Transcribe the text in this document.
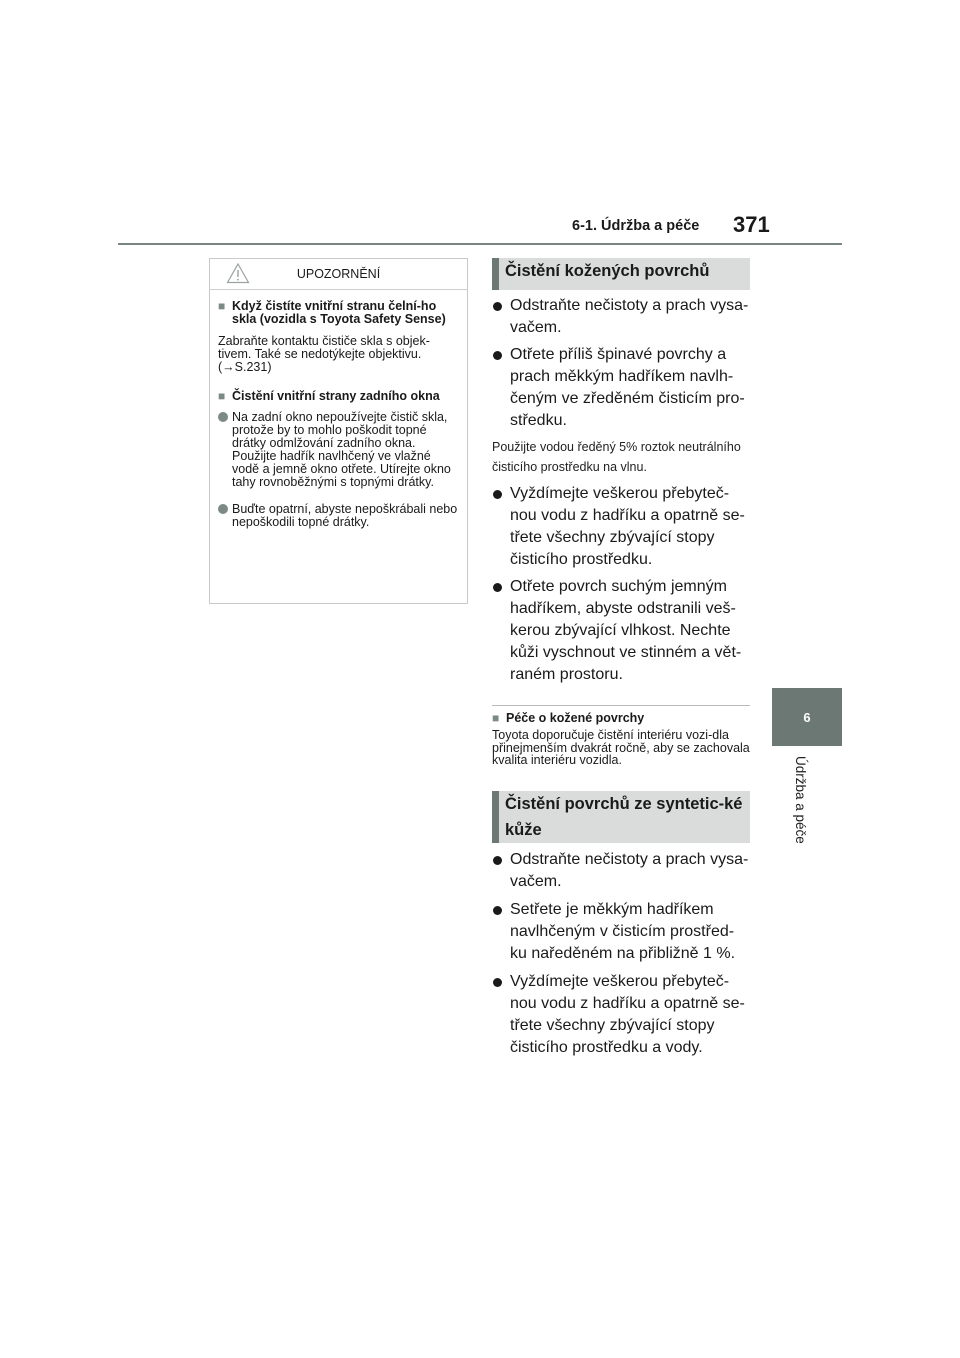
6-1. Údržba a péče 371
6
Údržba a péče
UPOZORNĚNÍ
■ Když čistíte vnitřní stranu čelní-ho skla (vozidla s Toyota Safety Sense)
Zabraňte kontaktu čističe skla s objek-tivem. Také se nedotýkejte objektivu. (→S.231)
■ Čistění vnitřní strany zadního okna
Na zadní okno nepoužívejte čistič skla, protože by to mohlo poškodit topné drátky odmlžování zadního okna. Použijte hadřík navlhčený ve vlažné vodě a jemně okno otřete. Utírejte okno tahy rovnoběžnými s topnými drátky.
Buďte opatrní, abyste nepoškrábali nebo nepoškodili topné drátky.
Čistění kožených povrchů
Odstraňte nečistoty a prach vysa-vačem.
Otřete příliš špinavé povrchy a prach měkkým hadříkem navlh-čeným ve zředěném čisticím pro-středku.
Použijte vodou ředěný 5% roztok neutrálního čisticího prostředku na vlnu.
Vyždímejte veškerou přebyteč-nou vodu z hadříku a opatrně se-třete všechny zbývající stopy čisticího prostředku.
Otřete povrch suchým jemným hadříkem, abyste odstranili veš-kerou zbývající vlhkost. Nechte kůži vyschnout ve stinném a vět-raném prostoru.
■ Péče o kožené povrchy
Toyota doporučuje čistění interiéru vozi-dla přinejmenším dvakrát ročně, aby se zachovala kvalita interiéru vozidla.
Čistění povrchů ze syntetic-ké kůže
Odstraňte nečistoty a prach vysa-vačem.
Setřete je měkkým hadříkem navlhčeným v čisticím prostřed-ku naředěném na přibližně 1 %.
Vyždímejte veškerou přebyteč-nou vodu z hadříku a opatrně se-třete všechny zbývající stopy čisticího prostředku a vody.
